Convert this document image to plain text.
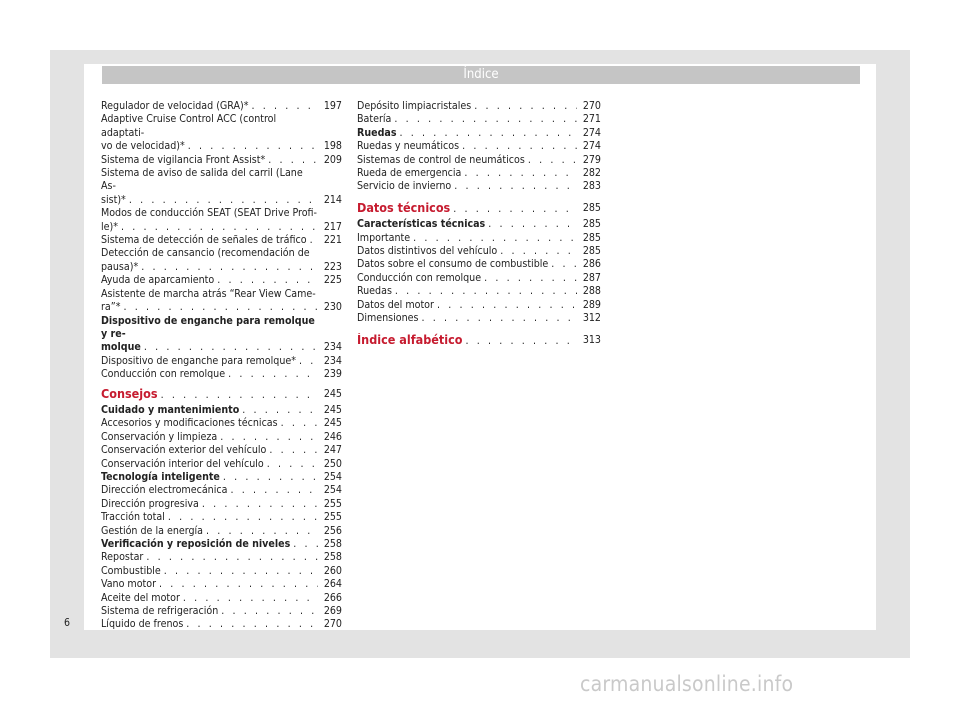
Índice
Regulador de velocidad (GRA)* . . .	197
Adaptive Cruise Control ACC (control adaptati-
vo de velocidad)* . . .	198
Sistema de vigilancia Front Assist* . . .	209
Sistema de aviso de salida del carril (Lane As-
sist)* . . .	214
Modos de conducción SEAT (SEAT Drive Profi-
le)* . . .	217
Sistema de detección de señales de tráfico . . . 221
Detección de cansancio (recomendación de
pausa)* . . .	223
Ayuda de aparcamiento . . .	225
Asistente de marcha atrás “Rear View Came-
ra”* . . .	230
Dispositivo de enganche para remolque y re-
molque . . .	234
Dispositivo de enganche para remolque* . . .	234
Conducción con remolque . . .	239
Consejos . . .	245
Cuidado y mantenimiento . . .	245
Accesorios y modificaciones técnicas . . .	245
Conservación y limpieza . . .	246
Conservación exterior del vehículo . . .	247
Conservación interior del vehículo . . .	250
Tecnología inteligente . . .	254
Dirección electromecánica . . .	254
Dirección progresiva . . .	255
Tracción total . . .	255
Gestión de la energía . . .	256
Verificación y reposición de niveles . . .	258
Repostar . . .	258
Combustible . . .	260
Vano motor . . .	264
Aceite del motor . . .	266
Sistema de refrigeración . . .	269
Líquido de frenos . . .	270
Depósito limpiacristales . . .	270
Batería . . .	271
Ruedas . . .	274
Ruedas y neumáticos . . .	274
Sistemas de control de neumáticos . . .	279
Rueda de emergencia . . .	282
Servicio de invierno . . .	283
Datos técnicos . . .	285
Características técnicas . . .	285
Importante . . .	285
Datos distintivos del vehículo . . .	285
Datos sobre el consumo de combustible . . .	286
Conducción con remolque . . .	287
Ruedas . . .	288
Datos del motor . . .	289
Dimensiones . . .	312
Índice alfabético . . .	313
6
carmanualsonline.info
